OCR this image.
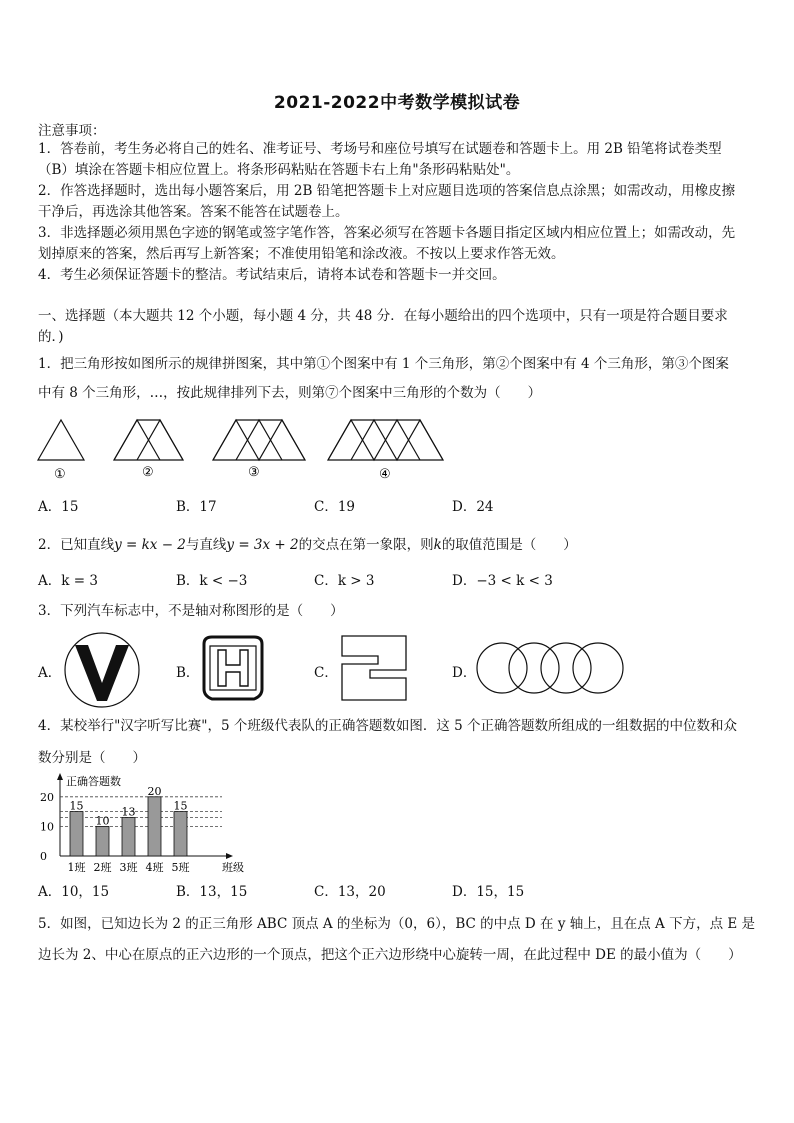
2021-2022中考数学模拟试卷
注意事项：
1．答卷前，考生务必将自己的姓名、准考证号、考场号和座位号填写在试题卷和答题卡上。用 2B 铅笔将试卷类型
（B）填涂在答题卡相应位置上。将条形码粘贴在答题卡右上角"条形码粘贴处"。
2．作答选择题时，选出每小题答案后，用 2B 铅笔把答题卡上对应题目选项的答案信息点涂黑；如需改动，用橡皮擦
干净后，再选涂其他答案。答案不能答在试题卷上。
3．非选择题必须用黑色字迹的钢笔或签字笔作答，答案必须写在答题卡各题目指定区域内相应位置上；如需改动，先
划掉原来的答案，然后再写上新答案；不准使用铅笔和涂改液。不按以上要求作答无效。
4．考生必须保证答题卡的整洁。考试结束后，请将本试卷和答题卡一并交回。
一、选择题（本大题共 12 个小题，每小题 4 分，共 48 分．在每小题给出的四个选项中，只有一项是符合题目要求
的．)
1．把三角形按如图所示的规律拼图案，其中第①个图案中有 1 个三角形，第②个图案中有 4 个三角形，第③个图案
中有 8 个三角形，…，按此规律排列下去，则第⑦个图案中三角形的个数为（　　）
①	②	③	④
A．15	B．17	C．19	D．24
2．已知直线y = kx − 2与直线y = 3x + 2的交点在第一象限，则k的取值范围是（　　）
A．k = 3	B．k < −3	C．k > 3	D．−3 < k < 3
3．下列汽车标志中，不是轴对称图形的是（　　）
A．	B．	C．	D．
4．某校举行"汉字听写比赛"，5 个班级代表队的正确答题数如图．这 5 个正确答题数所组成的一组数据的中位数和众
数分别是（　　）
正确答题数
班级
0
10
20
15
1班
10
2班
13
3班
20
4班
15
5班
A．10，15	B．13，15	C．13，20	D．15，15
5．如图，已知边长为 2 的正三角形 ABC 顶点 A 的坐标为（0，6），BC 的中点 D 在 y 轴上，且在点 A 下方，点 E 是
边长为 2、中心在原点的正六边形的一个顶点，把这个正六边形绕中心旋转一周，在此过程中 DE 的最小值为（　　）
